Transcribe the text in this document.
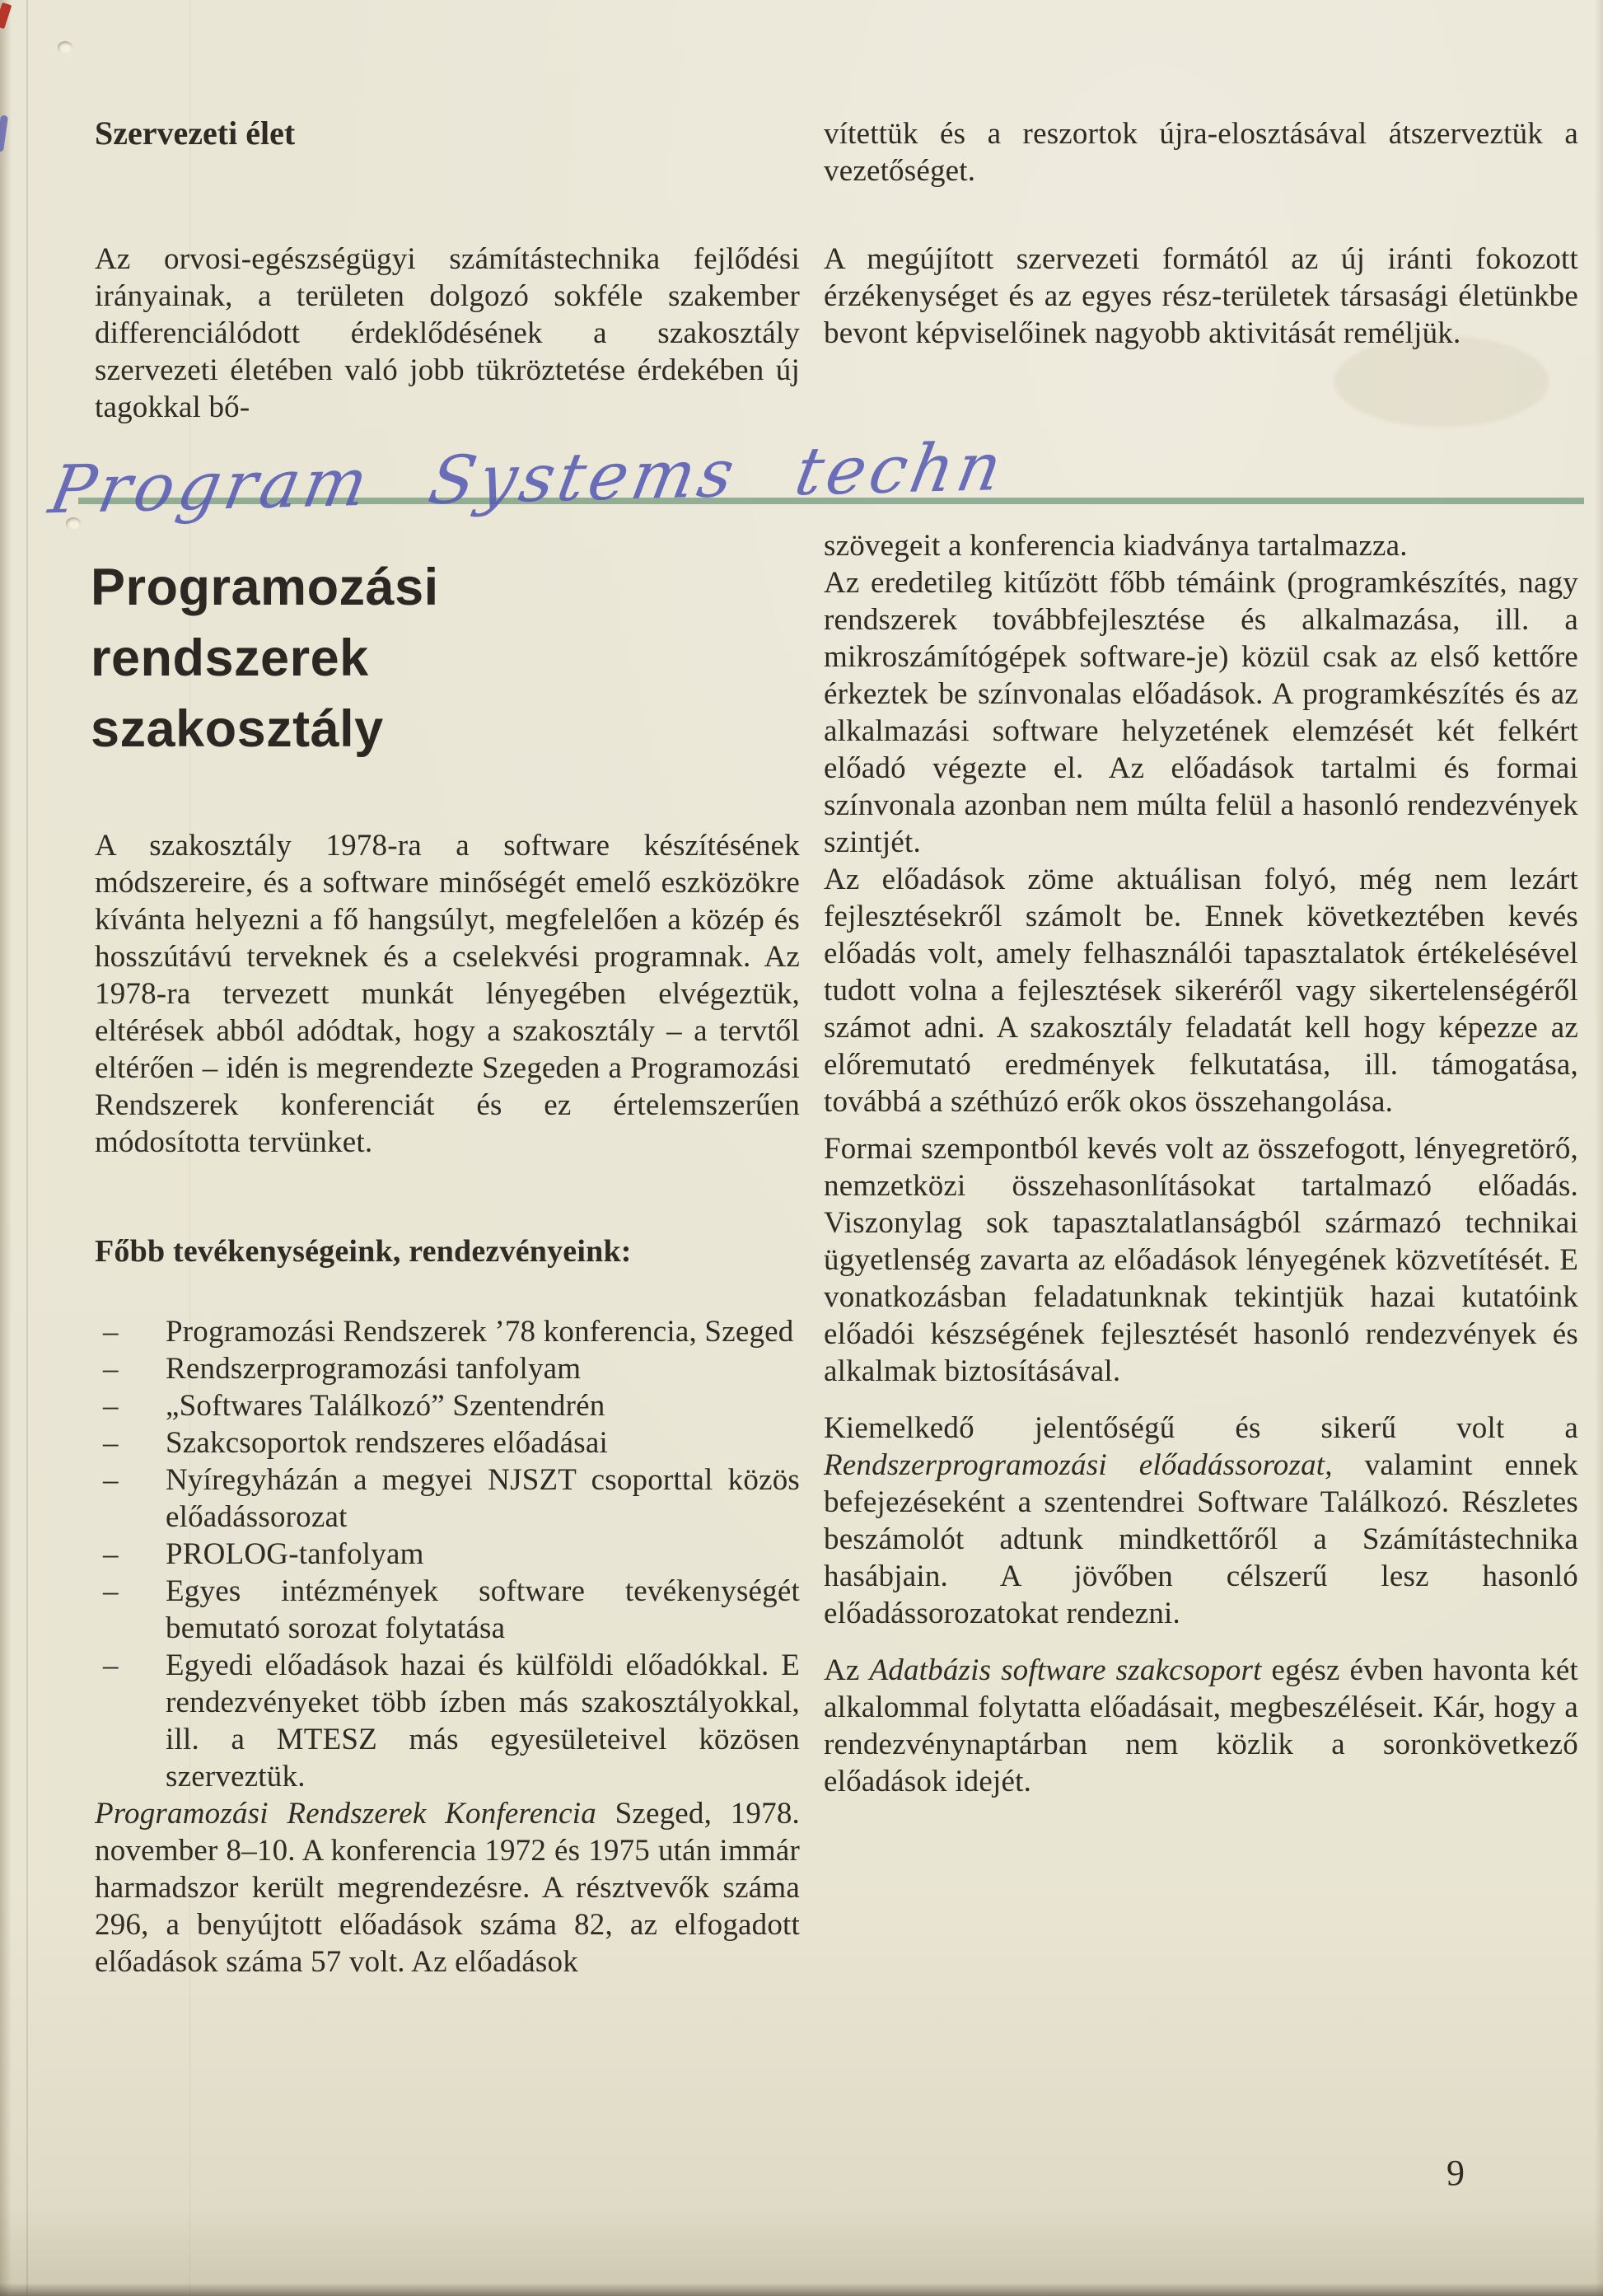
Szervezeti élet

Az orvosi-egészségügyi számítástechnika fejlődési irányainak, a területen dolgozó sokféle szakember differenciálódott érdeklődésének a szakosztály szervezeti életében való jobb tükröztetése érdekében új tagokkal bő-

vítettük és a reszortok újra-elosztásával átszerveztük a vezetőséget.

A megújított szervezeti formától az új iránti fokozott érzékenységet és az egyes rész-területek társasági életünkbe bevont képviselőinek nagyobb aktivitását reméljük.

Program Systems techn
Programozási rendszerek szakosztály

A szakosztály 1978-ra a software készítésének módszereire, és a software minőségét emelő eszközökre kívánta helyezni a fő hangsúlyt, megfelelően a közép és hosszútávú terveknek és a cselekvési programnak. Az 1978-ra tervezett munkát lényegében elvégeztük, eltérések abból adódtak, hogy a szakosztály – a tervtől eltérően – idén is megrendezte Szegeden a Programozási Rendszerek konferenciát és ez értelemszerűen módosította tervünket.

Főbb tevékenységeink, rendezvényeink:
– Programozási Rendszerek ’78 konferencia, Szeged
– Rendszerprogramozási tanfolyam
– „Softwares Találkozó” Szentendrén
– Szakcsoportok rendszeres előadásai
– Nyíregyházán a megyei NJSZT csoporttal közös előadássorozat
– PROLOG-tanfolyam
– Egyes intézmények software tevékenységét bemutató sorozat folytatása
– Egyedi előadások hazai és külföldi előadókkal. E rendezvényeket több ízben más szakosztályokkal, ill. a MTESZ más egyesületeivel közösen szerveztük.

Programozási Rendszerek Konferencia Szeged, 1978. november 8–10. A konferencia 1972 és 1975 után immár harmadszor került megrendezésre. A résztvevők száma 296, a benyújtott előadások száma 82, az elfogadott előadások száma 57 volt. Az előadások

szövegeit a konferencia kiadványa tartalmazza.

Az eredetileg kitűzött főbb témáink (programkészítés, nagy rendszerek továbbfejlesztése és alkalmazása, ill. a mikroszámítógépek software-je) közül csak az első kettőre érkeztek be színvonalas előadások. A programkészítés és az alkalmazási software helyzetének elemzését két felkért előadó végezte el. Az előadások tartalmi és formai színvonala azonban nem múlta felül a hasonló rendezvények szintjét.

Az előadások zöme aktuálisan folyó, még nem lezárt fejlesztésekről számolt be. Ennek következtében kevés előadás volt, amely felhasználói tapasztalatok értékelésével tudott volna a fejlesztések sikeréről vagy sikertelenségéről számot adni. A szakosztály feladatát kell hogy képezze az előremutató eredmények felkutatása, ill. támogatása, továbbá a széthúzó erők okos összehangolása.

Formai szempontból kevés volt az összefogott, lényegretörő, nemzetközi összehasonlításokat tartalmazó előadás. Viszonylag sok tapasztalatlanságból származó technikai ügyetlenség zavarta az előadások lényegének közvetítését. E vonatkozásban feladatunknak tekintjük hazai kutatóink előadói készségének fejlesztését hasonló rendezvények és alkalmak biztosításával.

Kiemelkedő jelentőségű és sikerű volt a Rendszerprogramozási előadássorozat, valamint ennek befejezéseként a szentendrei Software Találkozó. Részletes beszámolót adtunk mindkettőről a Számítástechnika hasábjain. A jövőben célszerű lesz hasonló előadássorozatokat rendezni.

Az Adatbázis software szakcsoport egész évben havonta két alkalommal folytatta előadásait, megbeszéléseit. Kár, hogy a rendezvénynaptárban nem közlik a soronkövetkező előadások idejét.

9
